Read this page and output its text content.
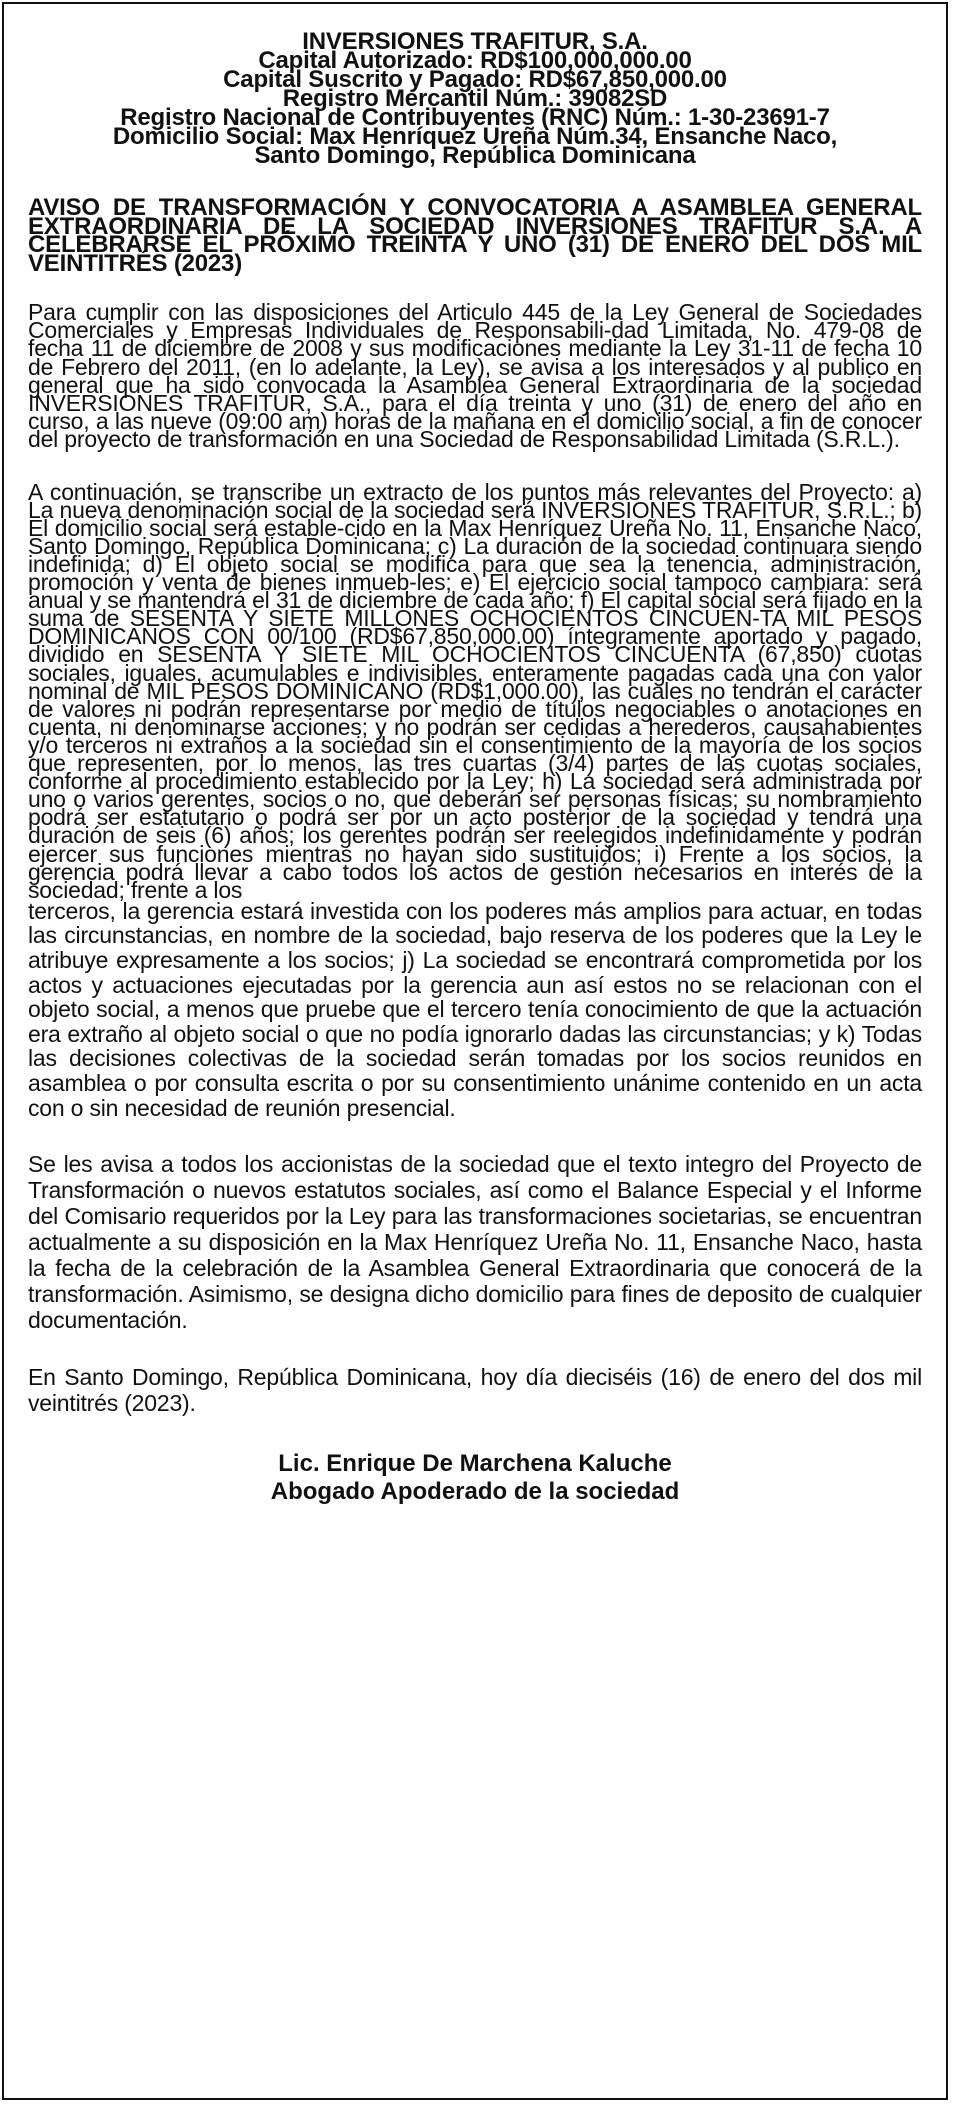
INVERSIONES TRAFITUR, S.A.
Capital Autorizado: RD$100,000,000.00
Capital Suscrito y Pagado: RD$67,850,000.00
Registro Mercantil Núm.: 39082SD
Registro Nacional de Contribuyentes (RNC) Núm.: 1-30-23691-7
Domicilio Social: Max Henríquez Ureña Núm.34, Ensanche Naco,
Santo Domingo, República Dominicana
AVISO DE TRANSFORMACIÓN Y CONVOCATORIA A ASAMBLEA GENERAL EXTRAORDINARIA DE LA SOCIEDAD INVERSIONES TRAFITUR S.A. A CELEBRARSE EL PRÓXIMO TREINTA Y UNO (31) DE ENERO DEL DOS MIL VEINTITRÉS (2023)
Para cumplir con las disposiciones del Articulo 445 de la Ley General de Sociedades Comerciales y Empresas Individuales de Responsabili-dad Limitada, No. 479-08 de fecha 11 de diciembre de 2008 y sus modificaciones mediante la Ley 31-11 de fecha 10 de Febrero del 2011, (en lo adelante, la Ley), se avisa a los interesados y al publico en general que ha sido convocada la Asamblea General Extraordinaria de la sociedad INVERSIONES TRAFITUR, S.A., para el día treinta y uno (31) de enero del año en curso, a las nueve (09:00 am) horas de la mañana en el domicilio social, a fin de conocer del proyecto de transformación en una Sociedad de Responsabilidad Limitada (S.R.L.).
A continuación, se transcribe un extracto de los puntos más relevantes del Proyecto: a) La nueva denominación social de la sociedad será INVERSIONES TRAFITUR, S.R.L.; b) El domicilio social será estable-cido en la Max Henríquez Ureña No. 11, Ensanche Naco, Santo Domingo, República Dominicana; c) La duración de la sociedad continuara siendo indefinida; d) El objeto social se modifica para que sea la tenencia, administración, promoción y venta de bienes inmueb-les; e) El ejercicio social tampoco cambiara: será anual y se mantendrá el 31 de diciembre de cada año; f) El capital social será fijado en la suma de SESENTA Y SIETE MILLONES OCHOCIENTOS CINCUEN-TA MIL PESOS DOMINICANOS CON 00/100 (RD$67,850,000.00) íntegramente aportado y pagado, dividido en SESENTA Y SIETE MIL OCHOCIENTOS CINCUENTA (67,850) cuotas sociales, iguales, acumulables e indivisibles, enteramente pagadas cada una con valor nominal de MIL PESOS DOMINICANO (RD$1,000.00), las cuales no tendrán el carácter de valores ni podrán representarse por medio de títulos negociables o anotaciones en cuenta, ni denominarse acciones; y no podrán ser cedidas a herederos, causahabientes y/o terceros ni extraños a la sociedad sin el consentimiento de la mayoría de los socios que representen, por lo menos, las tres cuartas (3/4) partes de las cuotas sociales, conforme al procedimiento establecido por la Ley; h) La sociedad será administrada por uno o varios gerentes, socios o no, que deberán ser personas físicas; su nombramiento podrá ser estatutario o podrá ser por un acto posterior de la sociedad y tendrá una duración de seis (6) años; los gerentes podrán ser reelegidos indefinidamente y podrán ejercer sus funciones mientras no hayan sido sustituidos; i) Frente a los socios, la gerencia podrá llevar a cabo todos los actos de gestión necesarios en interés de la sociedad; frente a los
terceros, la gerencia estará investida con los poderes más amplios para actuar, en todas las circunstancias, en nombre de la sociedad, bajo reserva de los poderes que la Ley le atribuye expresamente a los socios; j) La sociedad se encontrará comprometida por los actos y actuaciones ejecutadas por la gerencia aun así estos no se relacionan con el objeto social, a menos que pruebe que el tercero tenía conocimiento de que la actuación era extraño al objeto social o que no podía ignorarlo dadas las circunstancias; y k) Todas las decisiones colectivas de la sociedad serán tomadas por los socios reunidos en asamblea o por consulta escrita o por su consentimiento unánime contenido en un acta con o sin necesidad de reunión presencial.
Se les avisa a todos los accionistas de la sociedad que el texto integro del Proyecto de Transformación o nuevos estatutos sociales, así como el Balance Especial y el Informe del Comisario requeridos por la Ley para las transformaciones societarias, se encuentran actualmente a su disposición en la Max Henríquez Ureña No. 11, Ensanche Naco, hasta la fecha de la celebración de la Asamblea General Extraordinaria que conocerá de la transformación. Asimismo, se designa dicho domicilio para fines de deposito de cualquier documentación.
En Santo Domingo, República Dominicana, hoy día dieciséis (16) de enero del dos mil veintitrés (2023).
Lic. Enrique De Marchena Kaluche
Abogado Apoderado de la sociedad
